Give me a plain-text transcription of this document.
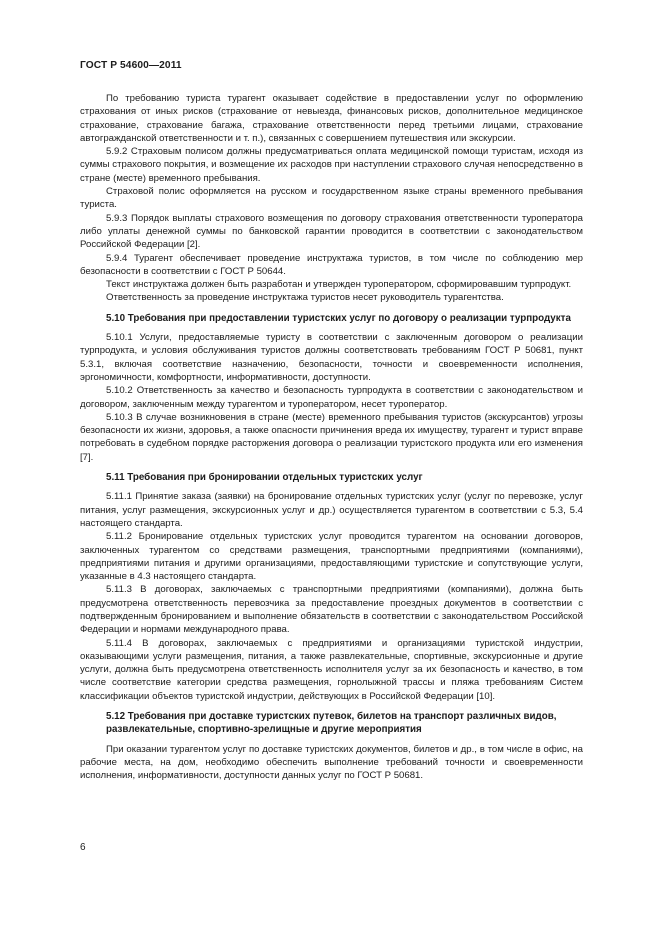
ГОСТ Р 54600—2011

По требованию туриста турагент оказывает содействие в предоставлении услуг по оформлению страхования от иных рисков (страхование от невыезда, финансовых рисков, дополнительное медицинское страхование, страхование багажа, страхование ответственности перед третьими лицами, страхование автогражданской ответственности и т. п.), связанных с совершением путешествия или экскурсии.

5.9.2 Страховым полисом должны предусматриваться оплата медицинской помощи туристам, исходя из суммы страхового покрытия, и возмещение их расходов при наступлении страхового случая непосредственно в стране (месте) временного пребывания.

Страховой полис оформляется на русском и государственном языке страны временного пребывания туриста.

5.9.3 Порядок выплаты страхового возмещения по договору страхования ответственности туроператора либо уплаты денежной суммы по банковской гарантии проводится в соответствии с законодательством Российской Федерации [2].

5.9.4 Турагент обеспечивает проведение инструктажа туристов, в том числе по соблюдению мер безопасности в соответствии с ГОСТ Р 50644.

Текст инструктажа должен быть разработан и утвержден туроператором, сформировавшим турпродукт.

Ответственность за проведение инструктажа туристов несет руководитель турагентства.

5.10 Требования при предоставлении туристских услуг по договору о реализации турпродукта

5.10.1 Услуги, предоставляемые туристу в соответствии с заключенным договором о реализации турпродукта, и условия обслуживания туристов должны соответствовать требованиям ГОСТ Р 50681, пункт 5.3.1, включая соответствие назначению, безопасности, точности и своевременности исполнения, эргономичности, комфортности, информативности, доступности.

5.10.2 Ответственность за качество и безопасность турпродукта в соответствии с законодательством и договором, заключенным между турагентом и туроператором, несет туроператор.

5.10.3 В случае возникновения в стране (месте) временного пребывания туристов (экскурсантов) угрозы безопасности их жизни, здоровья, а также опасности причинения вреда их имуществу, турагент и турист вправе потребовать в судебном порядке расторжения договора о реализации туристского продукта или его изменения [7].

5.11 Требования при бронировании отдельных туристских услуг

5.11.1 Принятие заказа (заявки) на бронирование отдельных туристских услуг (услуг по перевозке, услуг питания, услуг размещения, экскурсионных услуг и др.) осуществляется турагентом в соответствии с 5.3, 5.4 настоящего стандарта.

5.11.2 Бронирование отдельных туристских услуг проводится турагентом на основании договоров, заключенных турагентом со средствами размещения, транспортными предприятиями (компаниями), предприятиями питания и другими организациями, предоставляющими туристские и сопутствующие услуги, указанные в 4.3 настоящего стандарта.

5.11.3 В договорах, заключаемых с транспортными предприятиями (компаниями), должна быть предусмотрена ответственность перевозчика за предоставление проездных документов в соответствии с подтвержденным бронированием и выполнение обязательств в соответствии с законодательством Российской Федерации и нормами международного права.

5.11.4 В договорах, заключаемых с предприятиями и организациями туристской индустрии, оказывающими услуги размещения, питания, а также развлекательные, спортивные, экскурсионные и другие услуги, должна быть предусмотрена ответственность исполнителя услуг за их безопасность и качество, в том числе соответствие категории средства размещения, горнолыжной трассы и пляжа требованиям Систем классификации объектов туристской индустрии, действующих в Российской Федерации [10].

5.12 Требования при доставке туристских путевок, билетов на транспорт различных видов, развлекательные, спортивно-зрелищные и другие мероприятия

При оказании турагентом услуг по доставке туристских документов, билетов и др., в том числе в офис, на рабочие места, на дом, необходимо обеспечить выполнение требований точности и своевременности исполнения, информативности, доступности данных услуг по ГОСТ Р 50681.

6
